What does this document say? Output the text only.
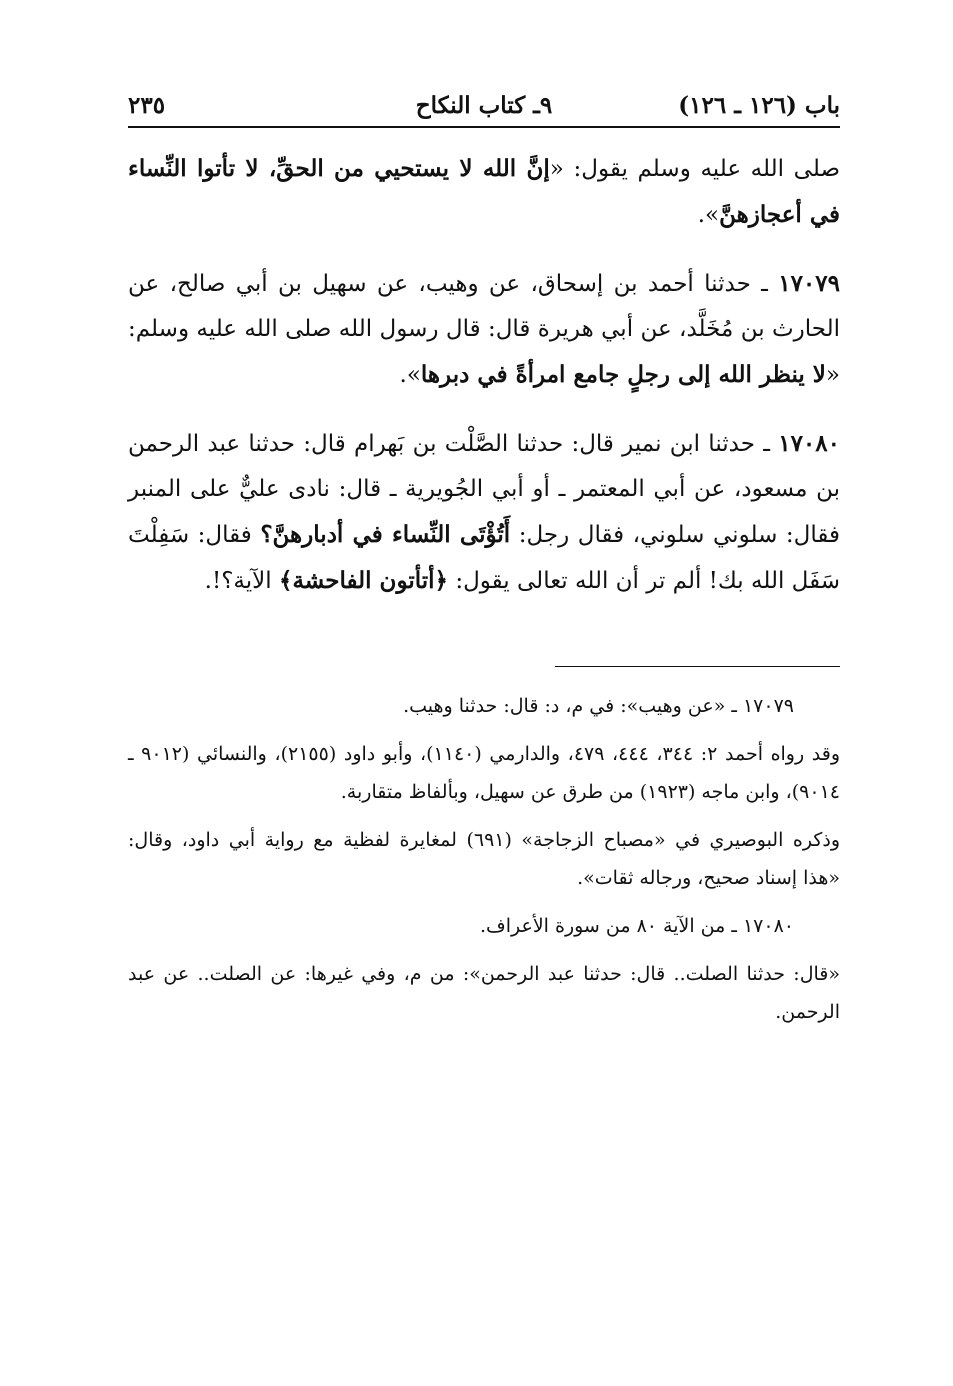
باب (١٢٦ ـ ١٢٦)
٩ـ كتاب النكاح
٢٣٥

صلى الله عليه وسلم يقول: «إنَّ الله لا يستحيي من الحقِّ، لا تأتوا النِّساء في أعجازهنَّ».

١٧٠٧٩ ـ حدثنا أحمد بن إسحاق، عن وهيب، عن سهيل بن أبي صالح، عن الحارث بن مُخَلَّد، عن أبي هريرة قال: قال رسول الله صلى الله عليه وسلم: «لا ينظر الله إلى رجلٍ جامع امرأةً في دبرها».

١٧٠٨٠ ـ حدثنا ابن نمير قال: حدثنا الصَّلْت بن بَهرام قال: حدثنا عبد الرحمن بن مسعود، عن أبي المعتمر ـ أو أبي الجُويرية ـ قال: نادى عليٌّ على المنبر فقال: سلوني سلوني، فقال رجل: أَتُؤْتَى النِّساء في أدبارهنَّ؟ فقال: سَفِلْتَ سَفَل الله بك! ألم تر أن الله تعالى يقول: ﴿أتأتون الفاحشة﴾ الآية؟!.

١٧٠٧٩ ـ «عن وهيب»: في م، د: قال: حدثنا وهيب.

وقد رواه أحمد ٢: ٣٤٤، ٤٤٤، ٤٧٩، والدارمي (١١٤٠)، وأبو داود (٢١٥٥)، والنسائي (٩٠١٢ ـ ٩٠١٤)، وابن ماجه (١٩٢٣) من طرق عن سهيل، وبألفاظ متقاربة.

وذكره البوصيري في «مصباح الزجاجة» (٦٩١) لمغايرة لفظية مع رواية أبي داود، وقال: «هذا إسناد صحيح، ورجاله ثقات».

١٧٠٨٠ ـ من الآية ٨٠ من سورة الأعراف.

«قال: حدثنا الصلت.. قال: حدثنا عبد الرحمن»: من م، وفي غيرها: عن الصلت.. عن عبد الرحمن.
